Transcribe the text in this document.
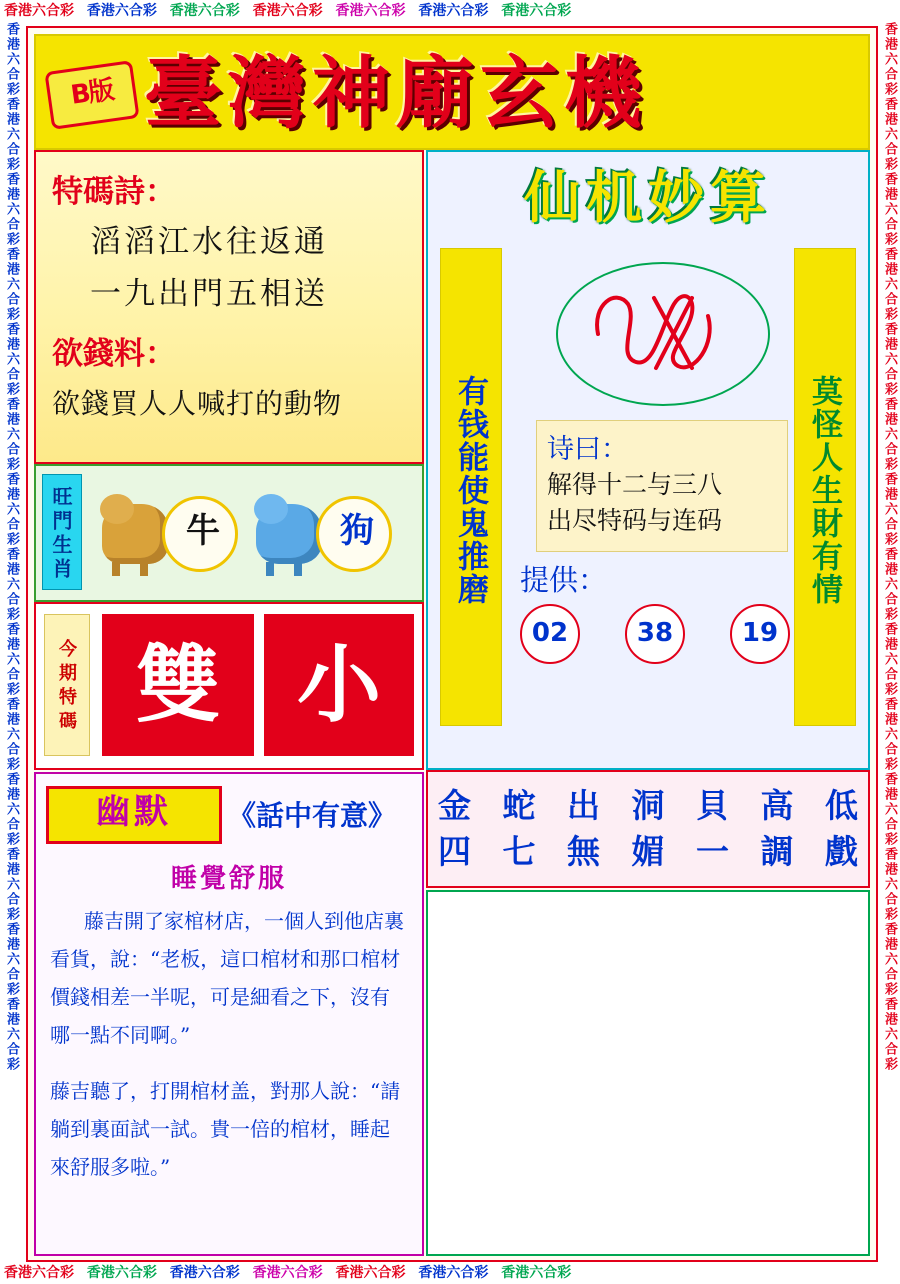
香港六合彩 香港六合彩 香港六合彩 香港六合彩 香港六合彩 香港六合彩 香港六合彩
香港六合彩香港六合彩香港六合彩香港六合彩香港六合彩香港六合彩香港六合彩香港六合彩香港六合彩香港六合彩香港六合彩香港六合彩香港六合彩香港六合彩	香港六合彩香港六合彩香港六合彩香港六合彩香港六合彩香港六合彩香港六合彩香港六合彩香港六合彩香港六合彩香港六合彩香港六合彩香港六合彩香港六合彩
B版 臺灣神廟玄機
特碼詩：
滔滔江水往返通
一九出門五相送
欲錢料：
欲錢買人人喊打的動物
旺門生肖	牛	狗
今期特碼 雙 小
仙机妙算
有钱能使鬼推磨	莫怪人生財有情
诗曰：
解得十二与三八
出尽特码与连码
提供：
02	38	19
金 蛇 出 洞 貝 高 低
四 七 無 媚 一 調 戲
幽默	《話中有意》
睡覺舒服

藤吉開了家棺材店，一個人到他店裏看貨，說：“老板，這口棺材和那口棺材價錢相差一半呢，可是細看之下，沒有哪一點不同啊。”

藤吉聽了，打開棺材盖，對那人說：“請躺到裏面試一試。貴一倍的棺材，睡起來舒服多啦。”

香港六合彩 香港六合彩 香港六合彩 香港六合彩 香港六合彩 香港六合彩 香港六合彩
